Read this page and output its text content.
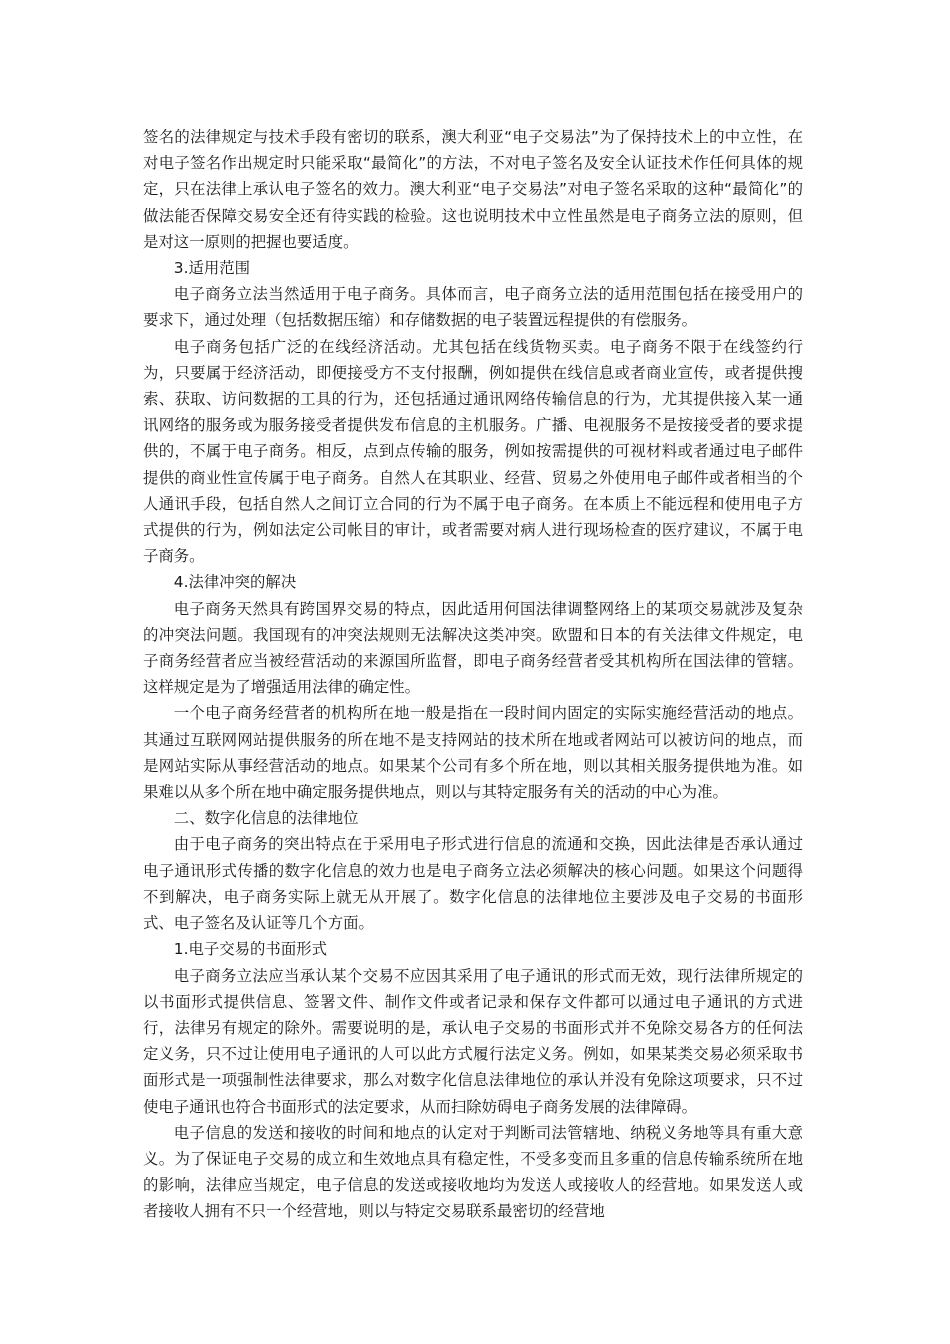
签名的法律规定与技术手段有密切的联系，澳大利亚“电子交易法”为了保持技术上的中立性，在对电子签名作出规定时只能采取“最简化”的方法，不对电子签名及安全认证技术作任何具体的规定，只在法律上承认电子签名的效力。澳大利亚“电子交易法”对电子签名采取的这种“最简化”的做法能否保障交易安全还有待实践的检验。这也说明技术中立性虽然是电子商务立法的原则，但是对这一原则的把握也要适度。

3.适用范围

电子商务立法当然适用于电子商务。具体而言，电子商务立法的适用范围包括在接受用户的要求下，通过处理（包括数据压缩）和存储数据的电子装置远程提供的有偿服务。

电子商务包括广泛的在线经济活动。尤其包括在线货物买卖。电子商务不限于在线签约行为，只要属于经济活动，即便接受方不支付报酬，例如提供在线信息或者商业宣传，或者提供搜索、获取、访问数据的工具的行为，还包括通过通讯网络传输信息的行为，尤其提供接入某一通讯网络的服务或为服务接受者提供发布信息的主机服务。广播、电视服务不是按接受者的要求提供的，不属于电子商务。相反，点到点传输的服务，例如按需提供的可视材料或者通过电子邮件提供的商业性宣传属于电子商务。自然人在其职业、经营、贸易之外使用电子邮件或者相当的个人通讯手段，包括自然人之间订立合同的行为不属于电子商务。在本质上不能远程和使用电子方式提供的行为，例如法定公司帐目的审计，或者需要对病人进行现场检查的医疗建议，不属于电子商务。

4.法律冲突的解决

电子商务天然具有跨国界交易的特点，因此适用何国法律调整网络上的某项交易就涉及复杂的冲突法问题。我国现有的冲突法规则无法解决这类冲突。欧盟和日本的有关法律文件规定，电子商务经营者应当被经营活动的来源国所监督，即电子商务经营者受其机构所在国法律的管辖。这样规定是为了增强适用法律的确定性。

一个电子商务经营者的机构所在地一般是指在一段时间内固定的实际实施经营活动的地点。其通过互联网网站提供服务的所在地不是支持网站的技术所在地或者网站可以被访问的地点，而是网站实际从事经营活动的地点。如果某个公司有多个所在地，则以其相关服务提供地为准。如果难以从多个所在地中确定服务提供地点，则以与其特定服务有关的活动的中心为准。

二、数字化信息的法律地位

由于电子商务的突出特点在于采用电子形式进行信息的流通和交换，因此法律是否承认通过电子通讯形式传播的数字化信息的效力也是电子商务立法必须解决的核心问题。如果这个问题得不到解决，电子商务实际上就无从开展了。数字化信息的法律地位主要涉及电子交易的书面形式、电子签名及认证等几个方面。

1.电子交易的书面形式

电子商务立法应当承认某个交易不应因其采用了电子通讯的形式而无效，现行法律所规定的以书面形式提供信息、签署文件、制作文件或者记录和保存文件都可以通过电子通讯的方式进行，法律另有规定的除外。需要说明的是，承认电子交易的书面形式并不免除交易各方的任何法定义务，只不过让使用电子通讯的人可以此方式履行法定义务。例如，如果某类交易必须采取书面形式是一项强制性法律要求，那么对数字化信息法律地位的承认并没有免除这项要求，只不过使电子通讯也符合书面形式的法定要求，从而扫除妨碍电子商务发展的法律障碍。

电子信息的发送和接收的时间和地点的认定对于判断司法管辖地、纳税义务地等具有重大意义。为了保证电子交易的成立和生效地点具有稳定性，不受多变而且多重的信息传输系统所在地的影响，法律应当规定，电子信息的发送或接收地均为发送人或接收人的经营地。如果发送人或者接收人拥有不只一个经营地，则以与特定交易联系最密切的经营地
